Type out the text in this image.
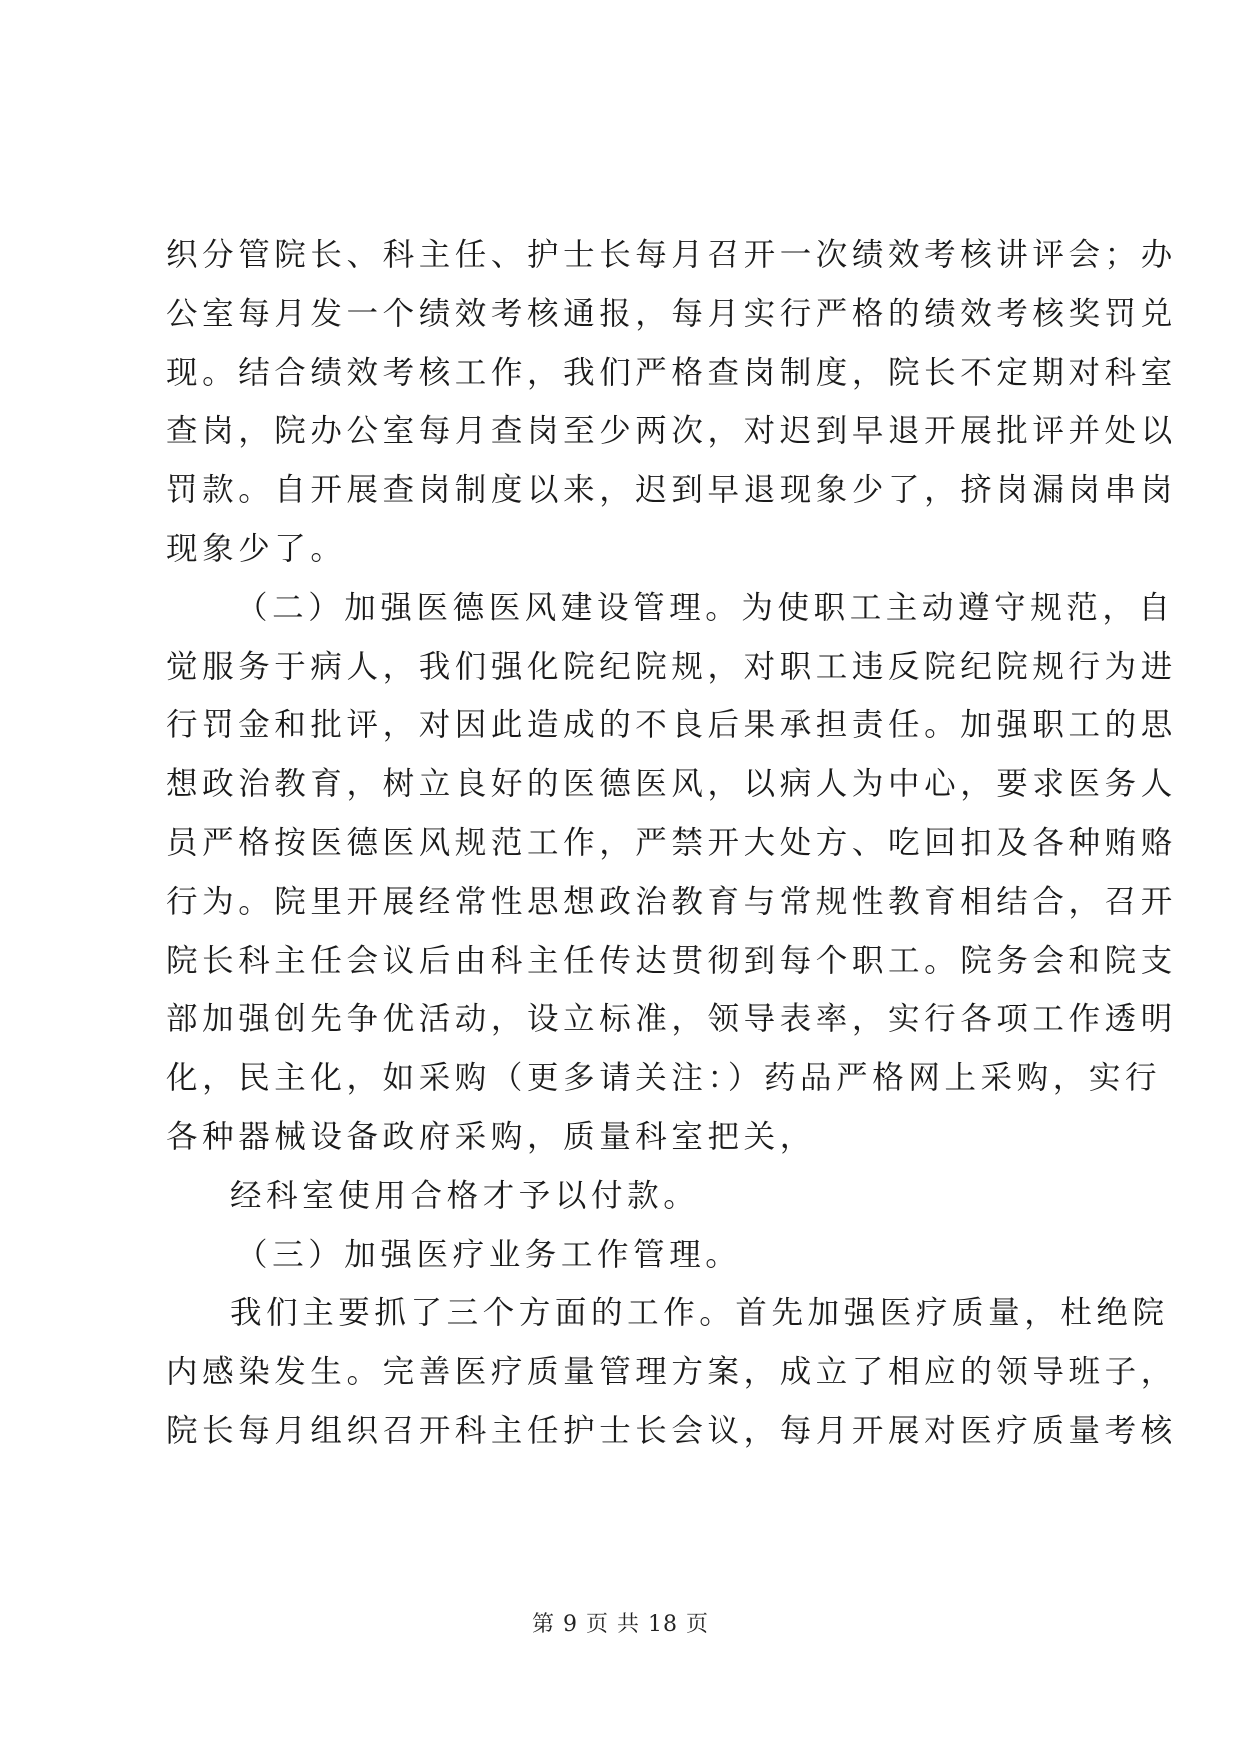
织分管院长、科主任、护士长每月召开一次绩效考核讲评会；办
公室每月发一个绩效考核通报，每月实行严格的绩效考核奖罚兑
现。结合绩效考核工作，我们严格查岗制度，院长不定期对科室
查岗，院办公室每月查岗至少两次，对迟到早退开展批评并处以
罚款。自开展查岗制度以来，迟到早退现象少了，挤岗漏岗串岗
现象少了。
（二）加强医德医风建设管理。为使职工主动遵守规范，自
觉服务于病人，我们强化院纪院规，对职工违反院纪院规行为进
行罚金和批评，对因此造成的不良后果承担责任。加强职工的思
想政治教育，树立良好的医德医风，以病人为中心，要求医务人
员严格按医德医风规范工作，严禁开大处方、吃回扣及各种贿赂
行为。院里开展经常性思想政治教育与常规性教育相结合，召开
院长科主任会议后由科主任传达贯彻到每个职工。院务会和院支
部加强创先争优活动，设立标准，领导表率，实行各项工作透明
化，民主化，如采购（更多请关注：）药品严格网上采购，实行
各种器械设备政府采购，质量科室把关，
经科室使用合格才予以付款。
（三）加强医疗业务工作管理。
我们主要抓了三个方面的工作。首先加强医疗质量，杜绝院
内感染发生。完善医疗质量管理方案，成立了相应的领导班子，
院长每月组织召开科主任护士长会议，每月开展对医疗质量考核
第 9 页 共 18 页
